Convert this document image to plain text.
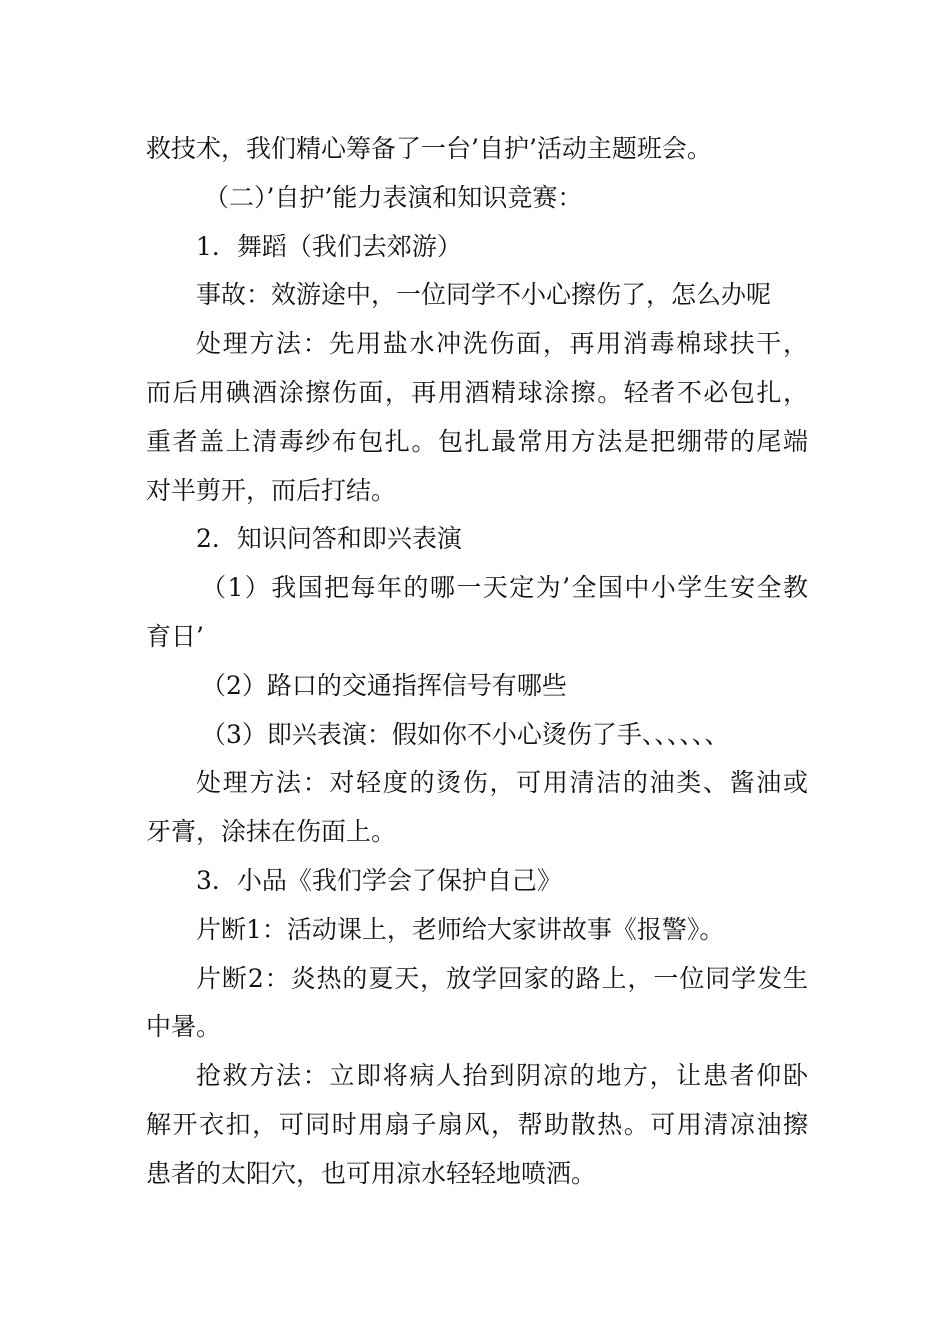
救技术，我们精心筹备了一台’自护’活动主题班会。
（二）’自护’能力表演和知识竞赛：
1．舞蹈（我们去郊游）
事故：效游途中，一位同学不小心擦伤了，怎么办呢
处理方法：先用盐水冲洗伤面，再用消毒棉球扶干，
而后用碘酒涂擦伤面，再用酒精球涂擦。轻者不必包扎，
重者盖上清毒纱布包扎。包扎最常用方法是把绷带的尾端
对半剪开，而后打结。
2．知识问答和即兴表演
（1）我国把每年的哪一天定为’全国中小学生安全教
育日’
（2）路口的交通指挥信号有哪些
（3）即兴表演：假如你不小心烫伤了手、、、、、、
处理方法：对轻度的烫伤，可用清洁的油类、酱油或
牙膏，涂抹在伤面上。
3．小品《我们学会了保护自己》
片断1：活动课上，老师给大家讲故事《报警》。
片断2：炎热的夏天，放学回家的路上，一位同学发生
中暑。
抢救方法：立即将病人抬到阴凉的地方，让患者仰卧
解开衣扣，可同时用扇子扇风，帮助散热。可用清凉油擦
患者的太阳穴，也可用凉水轻轻地喷洒。
